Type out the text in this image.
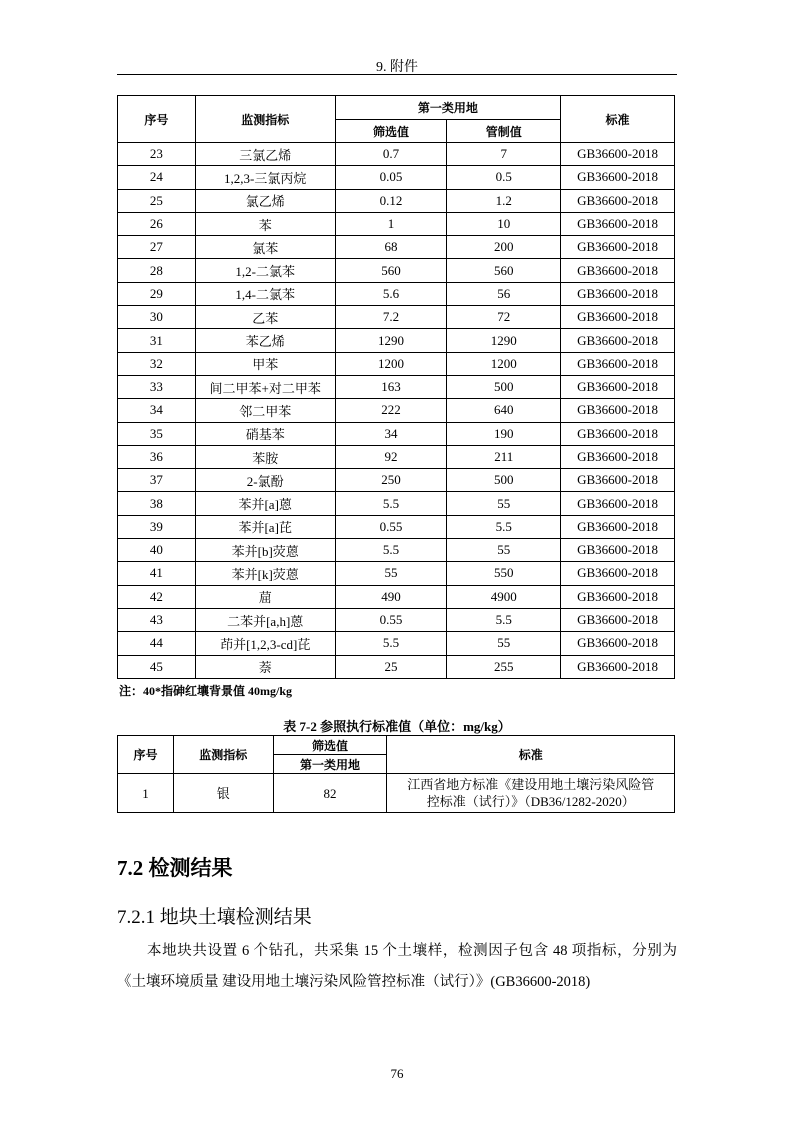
9. 附件
序号	监测指标	第一类用地		标准
		筛选值	管制值	
23	三氯乙烯	0.7	7	GB36600-2018
24	1,2,3-三氯丙烷	0.05	0.5	GB36600-2018
25	氯乙烯	0.12	1.2	GB36600-2018
26	苯	1	10	GB36600-2018
27	氯苯	68	200	GB36600-2018
28	1,2-二氯苯	560	560	GB36600-2018
29	1,4-二氯苯	5.6	56	GB36600-2018
30	乙苯	7.2	72	GB36600-2018
31	苯乙烯	1290	1290	GB36600-2018
32	甲苯	1200	1200	GB36600-2018
33	间二甲苯+对二甲苯	163	500	GB36600-2018
34	邻二甲苯	222	640	GB36600-2018
35	硝基苯	34	190	GB36600-2018
36	苯胺	92	211	GB36600-2018
37	2-氯酚	250	500	GB36600-2018
38	苯并[a]蒽	5.5	55	GB36600-2018
39	苯并[a]芘	0.55	5.5	GB36600-2018
40	苯并[b]荧蒽	5.5	55	GB36600-2018
41	苯并[k]荧蒽	55	550	GB36600-2018
42	䓛	490	4900	GB36600-2018
43	二苯并[a,h]蒽	0.55	5.5	GB36600-2018
44	茚并[1,2,3-cd]芘	5.5	55	GB36600-2018
45	萘	25	255	GB36600-2018
注：40*指砷红壤背景值 40mg/kg
表 7-2 参照执行标准值（单位：mg/kg）
序号	监测指标	筛选值	标准
		第一类用地	
1	银	82	江西省地方标准《建设用地土壤污染风险管控标准（试行）》（DB36/1282-2020）
7.2 检测结果
7.2.1 地块土壤检测结果
本地块共设置 6 个钻孔，共采集 15 个土壤样，检测因子包含 48 项指标，分别为《土壤环境质量 建设用地土壤污染风险管控标准（试行）》(GB36600-2018)
76
